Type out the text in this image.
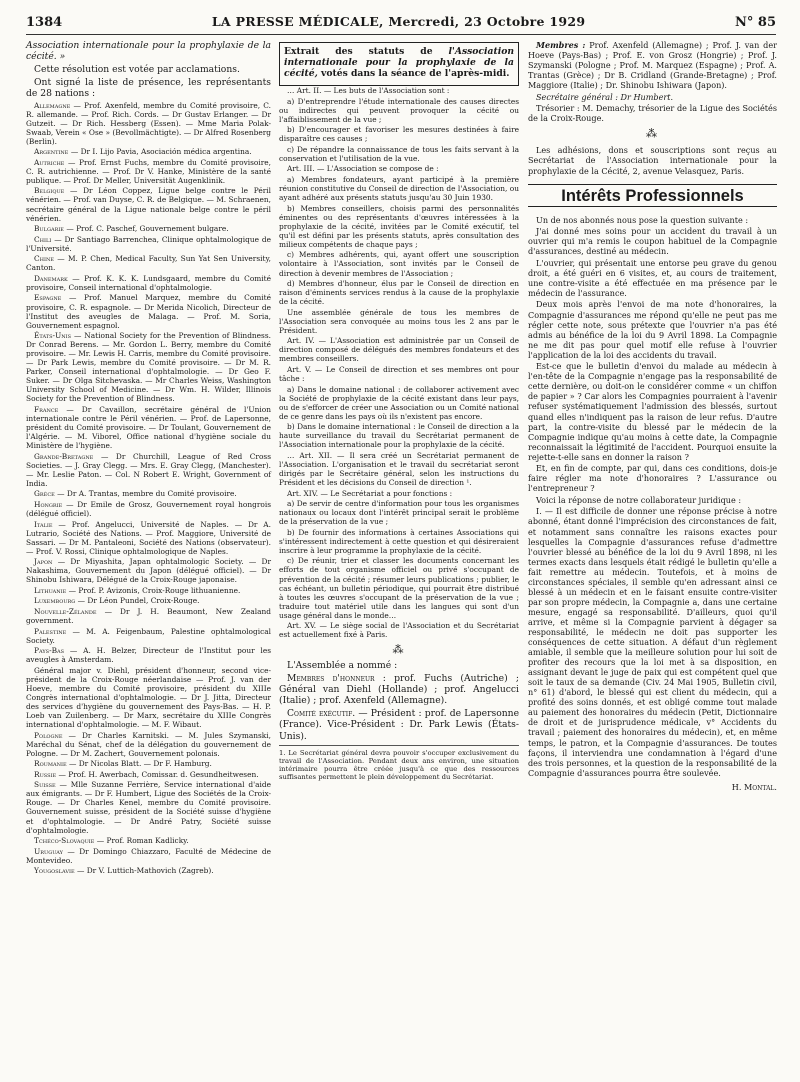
1384	LA PRESSE MÉDICALE, Mercredi, 23 Octobre 1929	N° 85

Association internationale pour la prophylaxie de la cécité. »

Cette résolution est votée par acclamations.

Ont signé la liste de présence, les représentants de 28 nations :

Allemagne — Prof. Axenfeld, membre du Comité provisoire, C. R. allemande. — Prof. Rich. Cords. — Dr Gustav Erlanger. — Dr Gutzeit. — Dr Rich. Hessberg (Essen). — Mme Maria Polak-Swaab, Verein « Ose » (Bevollmächtigte). — Dr Alfred Rosenberg (Berlin).

Argentine — Dr I. Lijo Pavia, Asociación médica argentina.

Autriche — Prof. Ernst Fuchs, membre du Comité provisoire, C. R. autrichienne. — Prof. Dr V. Hanke, Ministère de la santé publique. — Prof. Dr Meller, Universität Augenklinik.

Belgique — Dr Léon Coppez, Ligue belge contre le Péril vénérien. — Prof. van Duyse, C. R. de Belgique. — M. Schraenen, secrétaire général de la Ligue nationale belge contre le péril vénérien.

Bulgarie — Prof. C. Paschef, Gouvernement bulgare.

Chili — Dr Santiago Barrenchea, Clinique ophtalmologique de l'Université.

Chine — M. P. Chen, Medical Faculty, Sun Yat Sen University, Canton.

Danemark — Prof. K. K. K. Lundsgaard, membre du Comité provisoire, Conseil international d'ophtalmologie.

Espagne — Prof. Manuel Marquez, membre du Comité provisoire, C. R. espagnole. — Dr Merida Nicolich, Directeur de l'Institut des aveugles de Malaga. — Prof. M. Soria, Gouvernement espagnol.

États-Unis — National Society for the Prevention of Blindness. Dr Conrad Berens. — Mr. Gordon L. Berry, membre du Comité provisoire. — Mr. Lewis H. Carris, membre du Comité provisoire. — Dr Park Lewis, membre du Comité provisoire. — Dr M. R. Parker, Conseil international d'ophtalmologie. — Dr Geo F. Suker. — Dr Olga Sitchevaska. — Mr Charles Weiss, Washington University School of Medicine. — Dr Wm. H. Wilder, Illinois Society for the Prevention of Blindness.

France — Dr Cavaillon, secrétaire général de l'Union internationale contre le Péril vénérien. — Prof. de Lapersonne, président du Comité provisoire. — Dr Toulant, Gouvernement de l'Algérie. — M. Viborel, Office national d'hygiène sociale du Ministère de l'hygiène.

Grande-Bretagne — Dr Churchill, League of Red Cross Societies. — J. Gray Clegg. — Mrs. E. Gray Clegg, (Manchester). — Mr. Leslie Paton. — Col. N Robert E. Wright, Government of India.

Grèce — Dr A. Trantas, membre du Comité provisoire.

Hongrie — Dr Emile de Grosz, Gouvernement royal hongrois (délégué officiel).

Italie — Prof. Angelucci, Université de Naples. — Dr A. Lutrario, Société des Nations. — Prof. Maggiore, Université de Sassari. — Dr M. Pantaleoni, Société des Nations (observateur). — Prof. V. Rossi, Clinique ophtalmologique de Naples.

Japon — Dr Miyashita, Japan ophtalmologic Society. — Dr Nakashima, Gouvernement du Japon (délégué officiel). — Dr Shinobu Ishiwara, Délégué de la Croix-Rouge japonaise.

Lithuanie — Prof. P. Avizonis, Croix-Rouge lithuanienne.

Luxembourg — Dr Léon Pundel, Croix-Rouge.

Nouvelle-Zélande — Dr J. H. Beaumont, New Zealand government.

Palestine — M. A. Feigenbaum, Palestine ophtalmological Society.

Pays-Bas — A. H. Belzer, Directeur de l'Institut pour les aveugles à Amsterdam.

Général major v. Diehl, président d'honneur, second vice-président de la Croix-Rouge néerlandaise — Prof. J. van der Hoeve, membre du Comité provisoire, président du XIIIe Congrès international d'ophtalmologie. — Dr J. Jitta, Directeur des services d'hygiène du gouvernement des Pays-Bas. — H. P. Loeb van Zuilenberg. — Dr Marx, secrétaire du XIIIe Congrès international d'ophtalmologie. — M. F. Wibaut.

Pologne — Dr Charles Karnitski. — M. Jules Szymanski, Maréchal du Sénat, chef de la délégation du gouvernement de Pologne. — Dr M. Zachert, Gouvernement polonais.

Roumanie — Dr Nicolas Blatt. — Dr F. Hamburg.

Russie — Prof. H. Awerbach, Comissar. d. Gesundheitwesen.

Suisse — Mlle Suzanne Ferrière, Service international d'aide aux émigrants. — Dr F. Humbert, Ligue des Sociétés de la Croix-Rouge. — Dr Charles Kenel, membre du Comité provisoire. Gouvernement suisse, président de la Société suisse d'hygiène et d'ophtalmologie. — Dr André Patry, Société suisse d'ophtalmologie.

Tchéco-Slovaquie — Prof. Roman Kadlicky.

Uruguay — Dr Domingo Chiazzaro, Faculté de Médecine de Montevideo.

Yougoslavie — Dr V. Luttich-Mathovich (Zagreb).

Extrait des statuts de l'Association internationale pour la prophylaxie de la cécité, votés dans la séance de l'après-midi.

… Art. II. — Les buts de l'Association sont :

a) D'entreprendre l'étude internationale des causes directes ou indirectes qui peuvent provoquer la cécité ou l'affaiblissement de la vue ;

b) D'encourager et favoriser les mesures destinées à faire disparaître ces causes ;

c) De répandre la connaissance de tous les faits servant à la conservation et l'utilisation de la vue.

Art. III. — L'Association se compose de :

a) Membres fondateurs, ayant participé à la première réunion constitutive du Conseil de direction de l'Association, ou ayant adhéré aux présents statuts jusqu'au 30 Juin 1930.

b) Membres conseillers, choisis parmi des personnalités éminentes ou des représentants d'œuvres intéressées à la prophylaxie de la cécité, invitées par le Comité exécutif, tel qu'il est défini par les présents statuts, après consultation des milieux compétents de chaque pays ;

c) Membres adhérents, qui, ayant offert une souscription volontaire à l'Association, sont invités par le Conseil de direction à devenir membres de l'Association ;

d) Membres d'honneur, élus par le Conseil de direction en raison d'éminents services rendus à la cause de la prophylaxie de la cécité.

Une assemblée générale de tous les membres de l'Association sera convoquée au moins tous les 2 ans par le Président.

Art. IV. — L'Association est administrée par un Conseil de direction composé de délégués des membres fondateurs et des membres conseillers.

Art. V. — Le Conseil de direction et ses membres ont pour tâche :

a) Dans le domaine national : de collaborer activement avec la Société de prophylaxie de la cécité existant dans leur pays, ou de s'efforcer de créer une Association ou un Comité national de ce genre dans les pays où ils n'existent pas encore.

b) Dans le domaine international : le Conseil de direction a la haute surveillance du travail du Secrétariat permanent de l'Association internationale pour la prophylaxie de la cécité.

… Art. XII. — Il sera créé un Secrétariat permanent de l'Association. L'organisation et le travail du secrétariat seront dirigés par le Secrétaire général, selon les instructions du Président et les décisions du Conseil de direction ¹.

Art. XIV. — Le Secrétariat a pour fonctions :

a) De servir de centre d'information pour tous les organismes nationaux ou locaux dont l'intérêt principal serait le problème de la préservation de la vue ;

b) De fournir des informations à certaines Associations qui s'intéressent indirectement à cette question et qui désireraient inscrire à leur programme la prophylaxie de la cécité.

c) De réunir, trier et classer les documents concernant les efforts de tout organisme officiel ou privé s'occupant de prévention de la cécité ; résumer leurs publications ; publier, le cas échéant, un bulletin périodique, qui pourrait être distribué à toutes les œuvres s'occupant de la préservation de la vue ; traduire tout matériel utile dans les langues qui sont d'un usage général dans le monde…

Art. XV. — Le siège social de l'Association et du Secrétariat est actuellement fixé à Paris.

⁂

L'Assemblée a nommé :

Membres d'honneur : prof. Fuchs (Autriche) ; Général van Diehl (Hollande) ; prof. Angelucci (Italie) ; prof. Axenfeld (Allemagne).

Comité exécutif. — Président : prof. de Lapersonne (France). Vice-Président : Dr. Park Lewis (États-Unis).

1. Le Secrétariat général devra pouvoir s'occuper exclusivement du travail de l'Association. Pendant deux ans environ, une situation intérimaire pourra être créée jusqu'à ce que des ressources suffisantes permettent le plein développement du Secrétariat.

Membres : Prof. Axenfeld (Allemagne) ; Prof. J. van der Hoeve (Pays-Bas) ; Prof. E. von Grosz (Hongrie) ; Prof. J. Szymanski (Pologne ; Prof. M. Marquez (Espagne) ; Prof. A. Trantas (Grèce) ; Dr B. Cridland (Grande-Bretagne) ; Prof. Maggiore (Italie) ; Dr. Shinobu Ishiwara (Japon).

Secrétaire général : Dr Humbert.

Trésorier : M. Demachy, trésorier de la Ligue des Sociétés de la Croix-Rouge.

⁂

Les adhésions, dons et souscriptions sont reçus au Secrétariat de l'Association internationale pour la prophylaxie de la Cécité, 2, avenue Velasquez, Paris.

Intérêts Professionnels

Un de nos abonnés nous pose la question suivante :

J'ai donné mes soins pour un accident du travail à un ouvrier qui m'a remis le coupon habituel de la Compagnie d'assurances, destiné au médecin.

L'ouvrier, qui présentait une entorse peu grave du genou droit, a été guéri en 6 visites, et, au cours de traitement, une contre-visite a été effectuée en ma présence par le médecin de l'assurance.

Deux mois après l'envoi de ma note d'honoraires, la Compagnie d'assurances me répond qu'elle ne peut pas me régler cette note, sous prétexte que l'ouvrier n'a pas été admis au bénéfice de la loi du 9 Avril 1898. La Compagnie ne me dit pas pour quel motif elle refuse à l'ouvrier l'application de la loi des accidents du travail.

Est-ce que le bulletin d'envoi du malade au médecin à l'en-tête de la Compagnie n'engage pas la responsabilité de cette dernière, ou doit-on le considérer comme « un chiffon de papier » ? Car alors les Compagnies pourraient à l'avenir refuser systématiquement l'admission des blessés, surtout quand elles n'indiquent pas la raison de leur refus. D'autre part, la contre-visite du blessé par le médecin de la Compagnie indique qu'au moins à cette date, la Compagnie reconnaissait la légitimité de l'accident. Pourquoi ensuite la rejette-t-elle sans en donner la raison ?

Et, en fin de compte, par qui, dans ces conditions, dois-je faire régler ma note d'honoraires ? L'assurance ou l'entrepreneur ?

Voici la réponse de notre collaborateur juridique :

I. — Il est difficile de donner une réponse précise à notre abonné, étant donné l'imprécision des circonstances de fait, et notamment sans connaître les raisons exactes pour lesquelles la Compagnie d'assurances refuse d'admettre l'ouvrier blessé au bénéfice de la loi du 9 Avril 1898, ni les termes exacts dans lesquels était rédigé le bulletin qu'elle a fait remettre au médecin. Toutefois, et à moins de circonstances spéciales, il semble qu'en adressant ainsi ce blessé à un médecin et en le faisant ensuite contre-visiter par son propre médecin, la Compagnie a, dans une certaine mesure, engagé sa responsabilité. D'ailleurs, quoi qu'il arrive, et même si la Compagnie parvient à dégager sa responsabilité, le médecin ne doit pas supporter les conséquences de cette situation. A défaut d'un règlement amiable, il semble que la meilleure solution pour lui soit de profiter des recours que la loi met à sa disposition, en assignant devant le juge de paix qui est compétent quel que soit le taux de sa demande (Civ. 24 Mai 1905, Bulletin civil, n° 61) d'abord, le blessé qui est client du médecin, qui a profité des soins donnés, et est obligé comme tout malade au paiement des honoraires du médecin (Petit, Dictionnaire de droit et de jurisprudence médicale, v° Accidents du travail ; paiement des honoraires du médecin), et, en même temps, le patron, et la Compagnie d'assurances. De toutes façons, il interviendra une condamnation à l'égard d'une des trois personnes, et la question de la responsabilité de la Compagnie d'assurances pourra être soulevée.

H. Montal.
